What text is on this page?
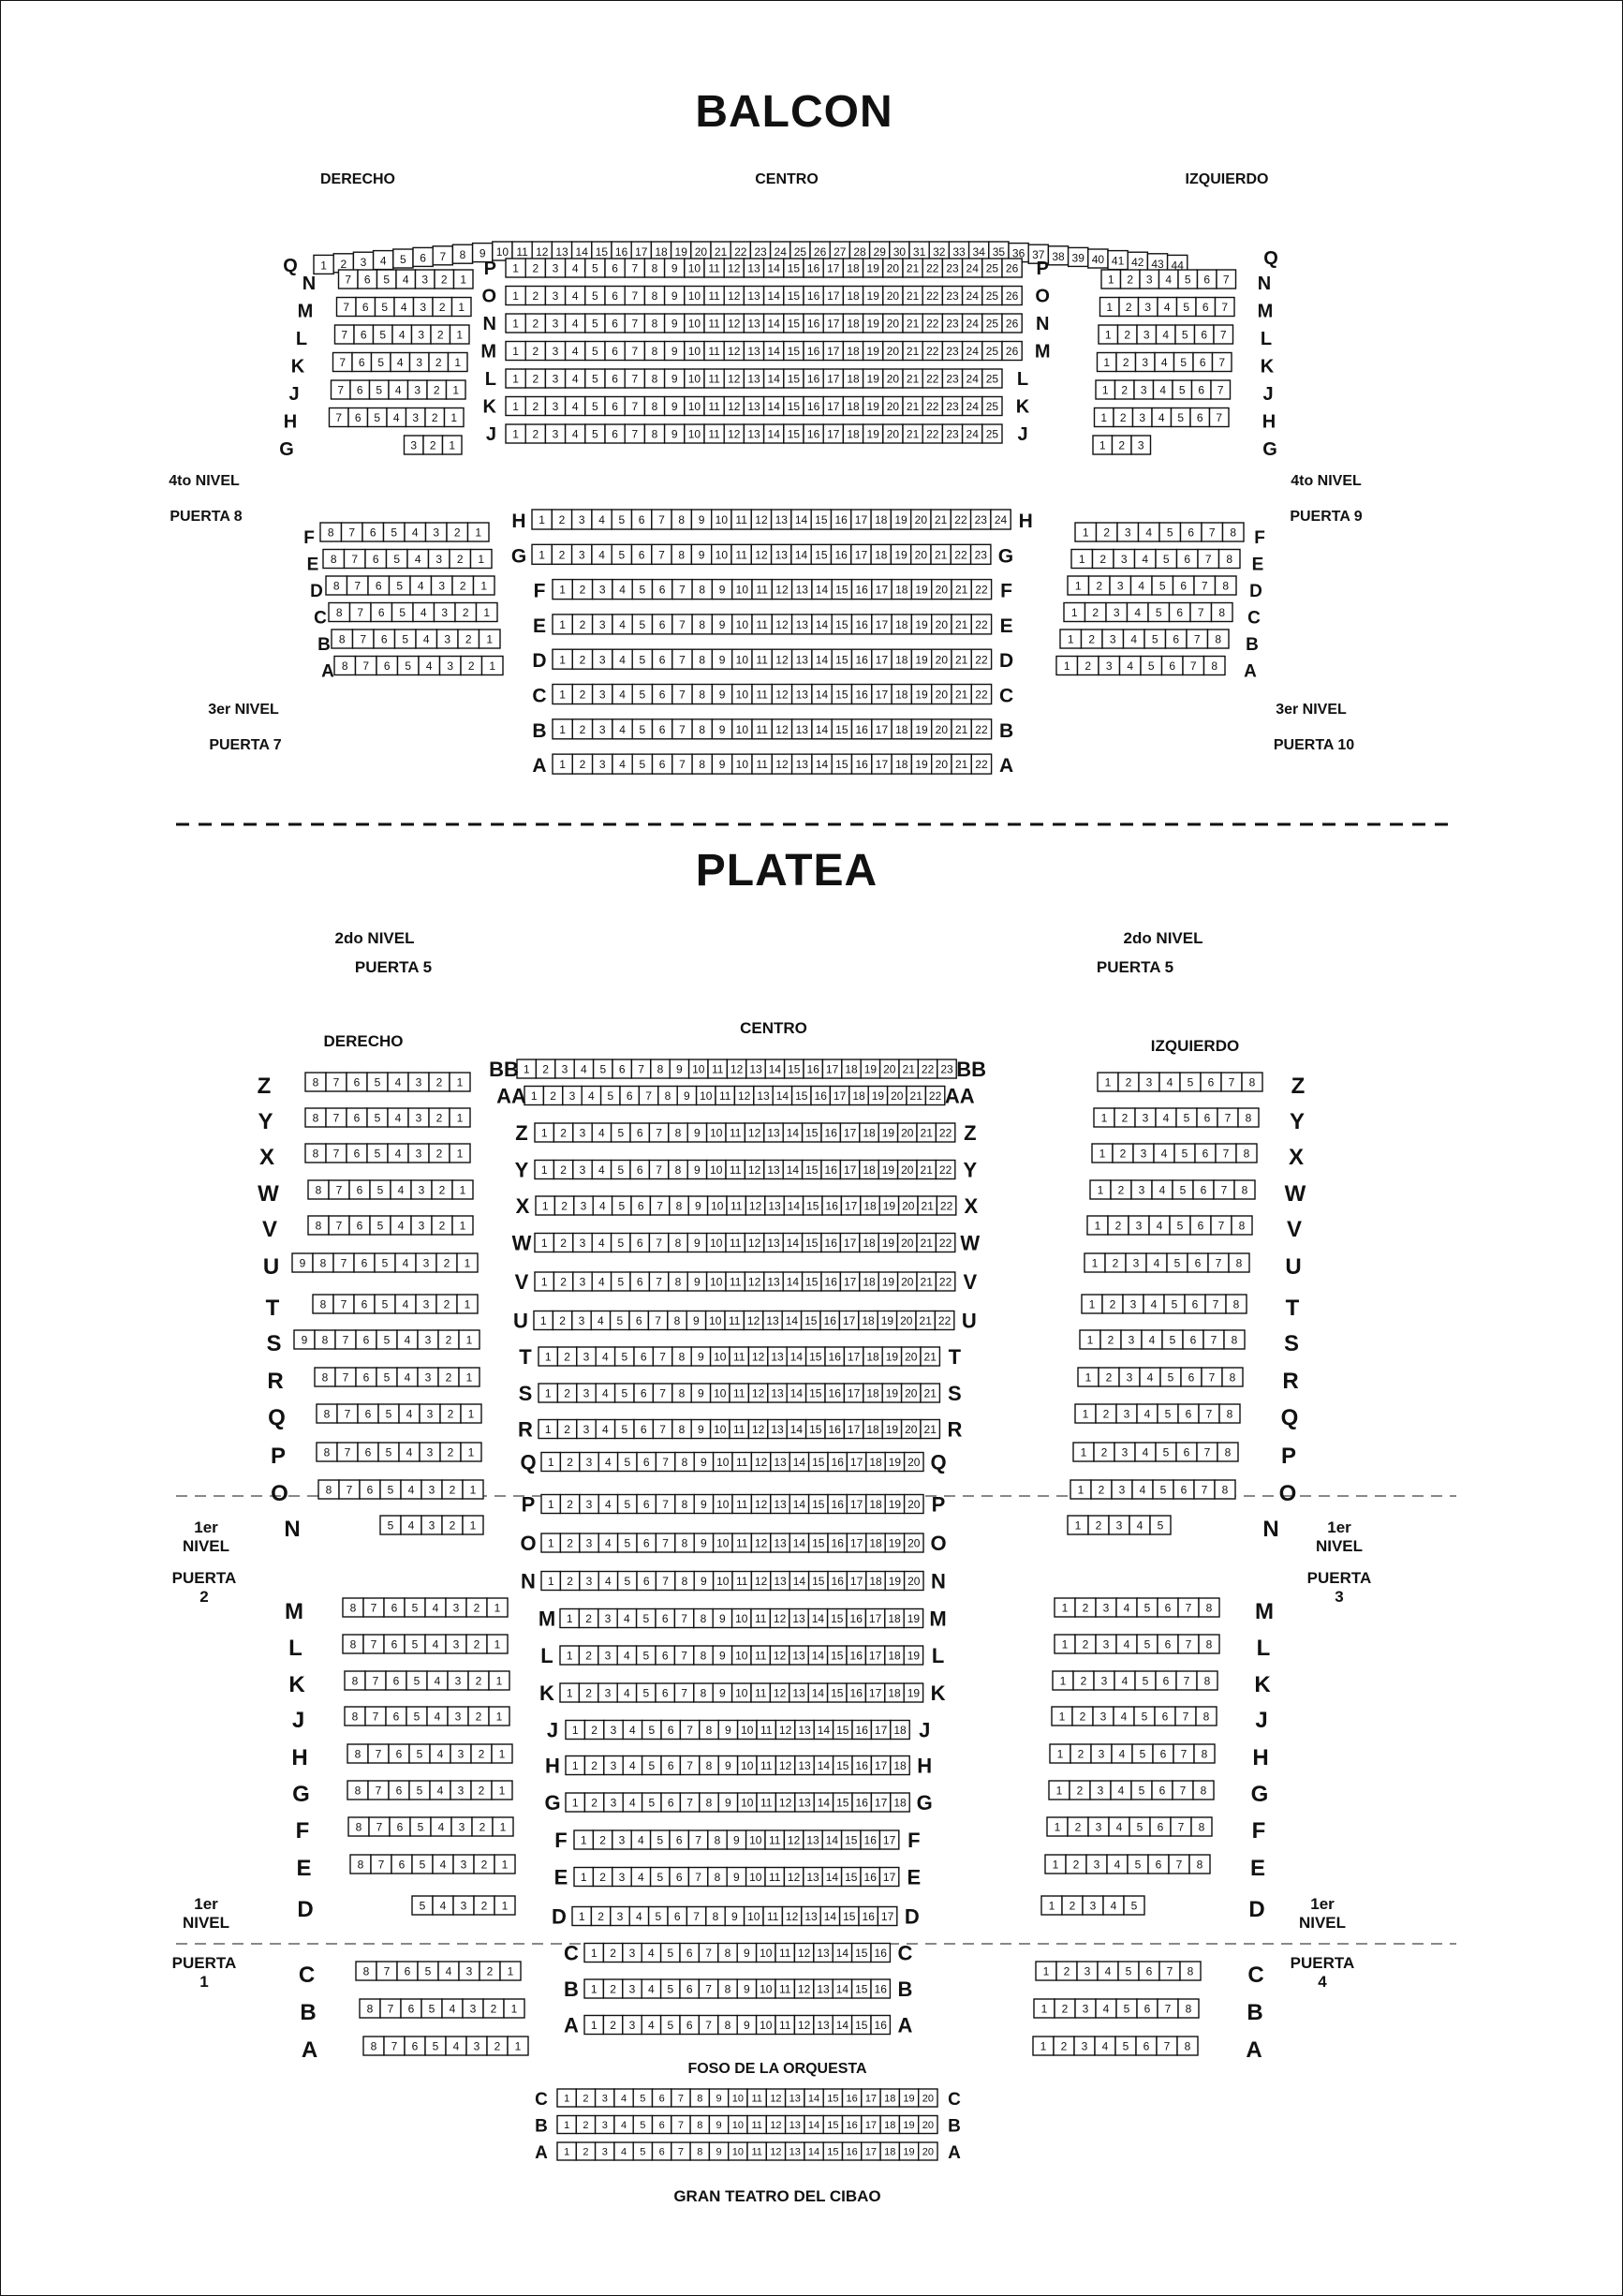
BALCON
DERECHO	CENTRO	IZQUIERDO
4to NIVEL
PUERTA 8
4to NIVEL
PUERTA 9
3er NIVEL
PUERTA 7
3er NIVEL
PUERTA 10
1 2 3 4 5 6 7 8 9 10 11 12 13 14 15 16 17 18 19 20 21 22 23 24 25 26 27 28 29 30 31 32 33 34 35 36 37 38 39 40 41 42 43 44
Q	Q
1 2 3 4 5 6 7 8 9 10 11 12 13 14 15 16 17 18 19 20 21 22 23 24 25 26
P	P
1 2 3 4 5 6 7 8 9 10 11 12 13 14 15 16 17 18 19 20 21 22 23 24 25 26
O	O
1 2 3 4 5 6 7 8 9 10 11 12 13 14 15 16 17 18 19 20 21 22 23 24 25 26
N	N
1 2 3 4 5 6 7 8 9 10 11 12 13 14 15 16 17 18 19 20 21 22 23 24 25 26
M	M
1 2 3 4 5 6 7 8 9 10 11 12 13 14 15 16 17 18 19 20 21 22 23 24 25
L	L
1 2 3 4 5 6 7 8 9 10 11 12 13 14 15 16 17 18 19 20 21 22 23 24 25
K	K
1 2 3 4 5 6 7 8 9 10 11 12 13 14 15 16 17 18 19 20 21 22 23 24 25
J	J
7 6 5 4 3 2 1
N
7 6 5 4 3 2 1
M
7 6 5 4 3 2 1
L
7 6 5 4 3 2 1
K
7 6 5 4 3 2 1
J
7 6 5 4 3 2 1
H
3 2 1
G
1 2 3 4 5 6 7 N
1 2 3 4 5 6 7 M
1 2 3 4 5 6 7 L
1 2 3 4 5 6 7 K
1 2 3 4 5 6 7 J
1 2 3 4 5 6 7 H
1 2 3	G
1 2 3 4 5 6 7 8 9 10 11 12 13 14 15 16 17 18 19 20 21 22 23 24
H	H
1 2 3 4 5 6 7 8 9 10 11 12 13 14 15 16 17 18 19 20 21 22 23
G	G
1 2 3 4 5 6 7 8 9 10 11 12 13 14 15 16 17 18 19 20 21 22
F	F
1 2 3 4 5 6 7 8 9 10 11 12 13 14 15 16 17 18 19 20 21 22
E	E
1 2 3 4 5 6 7 8 9 10 11 12 13 14 15 16 17 18 19 20 21 22
D	D
1 2 3 4 5 6 7 8 9 10 11 12 13 14 15 16 17 18 19 20 21 22
C	C
1 2 3 4 5 6 7 8 9 10 11 12 13 14 15 16 17 18 19 20 21 22
B	B
1 2 3 4 5 6 7 8 9 10 11 12 13 14 15 16 17 18 19 20 21 22
A	A
8 7 6 5 4 3 2 1
F
8 7 6 5 4 3 2 1
E
8 7 6 5 4 3 2 1
D
8 7 6 5 4 3 2 1
C
8 7 6 5 4 3 2 1
B
8 7 6 5 4 3 2 1
A
1 2 3 4 5 6 7 8 F
1 2 3 4 5 6 7 8 E
1 2 3 4 5 6 7 8 D
1 2 3 4 5 6 7 8 C
1 2 3 4 5 6 7 8 B
1 2 3 4 5 6 7 8 A
PLATEA
2do NIVEL
PUERTA 5
2do NIVEL
PUERTA 5
CENTRO
DERECHO	IZQUIERDO
1er NIVEL
PUERTA 2
1er NIVEL
PUERTA 3
1er NIVEL
PUERTA 1
1er NIVEL
PUERTA 4
1 2 3 4 5 6 7 8 9 10 11 12 13 14 15 16 17 18 19 20 21 22 23
BB	BB
1 2 3 4 5 6 7 8 9 10 11 12 13 14 15 16 17 18 19 20 21 22
AA	AA
1 2 3 4 5 6 7 8 9 10 11 12 13 14 15 16 17 18 19 20 21 22
Z	Z
1 2 3 4 5 6 7 8 9 10 11 12 13 14 15 16 17 18 19 20 21 22
Y	Y
1 2 3 4 5 6 7 8 9 10 11 12 13 14 15 16 17 18 19 20 21 22
X	X
1 2 3 4 5 6 7 8 9 10 11 12 13 14 15 16 17 18 19 20 21 22
W	W
1 2 3 4 5 6 7 8 9 10 11 12 13 14 15 16 17 18 19 20 21 22
V	V
1 2 3 4 5 6 7 8 9 10 11 12 13 14 15 16 17 18 19 20 21 22
U	U
1 2 3 4 5 6 7 8 9 10 11 12 13 14 15 16 17 18 19 20 21
T	T
1 2 3 4 5 6 7 8 9 10 11 12 13 14 15 16 17 18 19 20 21
S	S
1 2 3 4 5 6 7 8 9 10 11 12 13 14 15 16 17 18 19 20 21
R	R
1 2 3 4 5 6 7 8 9 10 11 12 13 14 15 16 17 18 19 20
Q	Q
1 2 3 4 5 6 7 8 9 10 11 12 13 14 15 16 17 18 19 20
P	P
1 2 3 4 5 6 7 8 9 10 11 12 13 14 15 16 17 18 19 20
O	O
1 2 3 4 5 6 7 8 9 10 11 12 13 14 15 16 17 18 19 20
N	N
1 2 3 4 5 6 7 8 9 10 11 12 13 14 15 16 17 18 19
M	M
1 2 3 4 5 6 7 8 9 10 11 12 13 14 15 16 17 18 19
L	L
1 2 3 4 5 6 7 8 9 10 11 12 13 14 15 16 17 18 19
K	K
1 2 3 4 5 6 7 8 9 10 11 12 13 14 15 16 17 18
J	J
1 2 3 4 5 6 7 8 9 10 11 12 13 14 15 16 17 18
H	H
1 2 3 4 5 6 7 8 9 10 11 12 13 14 15 16 17 18
G	G
1 2 3 4 5 6 7 8 9 10 11 12 13 14 15 16 17
F	F
1 2 3 4 5 6 7 8 9 10 11 12 13 14 15 16 17
E	E
1 2 3 4 5 6 7 8 9 10 11 12 13 14 15 16 17
D	D
1 2 3 4 5 6 7 8 9 10 11 12 13 14 15 16
C	C
1 2 3 4 5 6 7 8 9 10 11 12 13 14 15 16
B	B
1 2 3 4 5 6 7 8 9 10 11 12 13 14 15 16
A	A
8 7 6 5 4 3 2 1
Z
8 7 6 5 4 3 2 1
Y
8 7 6 5 4 3 2 1
X
8 7 6 5 4 3 2 1
W
8 7 6 5 4 3 2 1
V
9 8 7 6 5 4 3 2 1
U
8 7 6 5 4 3 2 1
T
9 8 7 6 5 4 3 2 1
S
8 7 6 5 4 3 2 1
R
8 7 6 5 4 3 2 1
Q
8 7 6 5 4 3 2 1
P
8 7 6 5 4 3 2 1
O
5 4 3 2 1
N
8 7 6 5 4 3 2 1
M
8 7 6 5 4 3 2 1
L
8 7 6 5 4 3 2 1
K
8 7 6 5 4 3 2 1
J
8 7 6 5 4 3 2 1
H
8 7 6 5 4 3 2 1
G
8 7 6 5 4 3 2 1
F
8 7 6 5 4 3 2 1
E
5 4 3 2 1
D
8 7 6 5 4 3 2 1
C
8 7 6 5 4 3 2 1
B
8 7 6 5 4 3 2 1
A
1 2 3 4 5 6 7 8 Z
1 2 3 4 5 6 7 8 Y
1 2 3 4 5 6 7 8 X
1 2 3 4 5 6 7 8 W
1 2 3 4 5 6 7 8 V
1 2 3 4 5 6 7 8 U
1 2 3 4 5 6 7 8 T
1 2 3 4 5 6 7 8 S
1 2 3 4 5 6 7 8 R
1 2 3 4 5 6 7 8 Q
1 2 3 4 5 6 7 8 P
1 2 3 4 5 6 7 8 O
1 2 3 4 5	N
1 2 3 4 5 6 7 8 M
1 2 3 4 5 6 7 8 L
1 2 3 4 5 6 7 8 K
1 2 3 4 5 6 7 8 J
1 2 3 4 5 6 7 8 H
1 2 3 4 5 6 7 8 G
1 2 3 4 5 6 7 8 F
1 2 3 4 5 6 7 8 E
1 2 3 4 5	D
1 2 3 4 5 6 7 8 C
1 2 3 4 5 6 7 8 B
1 2 3 4 5 6 7 8 A
FOSO DE LA ORQUESTA
1 2 3 4 5 6 7 8 9 10 11 12 13 14 15 16 17 18 19 20
C	C
1 2 3 4 5 6 7 8 9 10 11 12 13 14 15 16 17 18 19 20
B	B
1 2 3 4 5 6 7 8 9 10 11 12 13 14 15 16 17 18 19 20
A	A
GRAN TEATRO DEL CIBAO
